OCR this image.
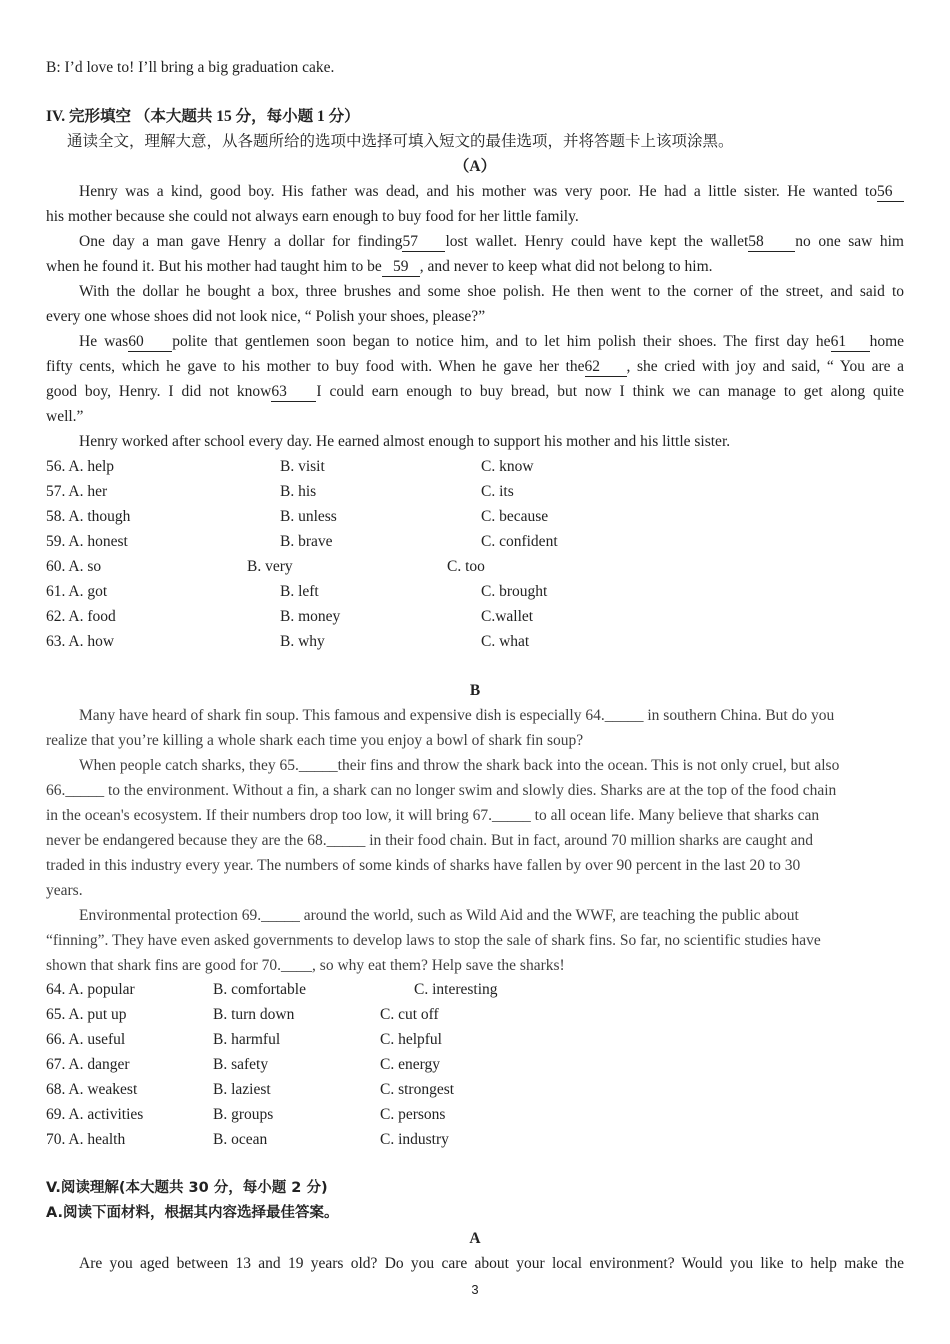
B: I’d love to! I’ll bring a big graduation cake.
IV. 完形填空 （本大题共 15 分，每小题 1 分）
通读全文，理解大意，从各题所给的选项中选择可填入短文的最佳选项，并将答题卡上该项涂黑。
（A）
Henry was a kind, good boy. His father was dead, and his mother was very poor. He had a little sister. He wanted to56
his mother because she could not always earn enough to buy food for her little family.
One day a man gave Henry a dollar for finding57 lost wallet. Henry could have kept the wallet58 no one saw him
when he found it. But his mother had taught him to be 59 , and never to keep what did not belong to him.
With the dollar he bought a box, three brushes and some shoe polish. He then went to the corner of the street, and said to
every one whose shoes did not look nice, “ Polish your shoes, please?”
He was60 polite that gentlemen soon began to notice him, and to let him polish their shoes. The first day he61 home
fifty cents, which he gave to his mother to buy food with. When he gave her the62 , she cried with joy and said, “ You are a
good boy, Henry. I did not know63 I could earn enough to buy bread, but now I think we can manage to get along quite
well.”
Henry worked after school every day. He earned almost enough to support his mother and his little sister.
56. A. help	B. visit	C. know
57. A. her	B. his	C. its
58. A. though	B. unless	C. because
59. A. honest	B. brave	C. confident
60. A. so	B. very	C. too
61. A. got	B. left	C. brought
62. A. food	B. money	C.wallet
63. A. how	B. why	C. what
B
Many have heard of shark fin soup. This famous and expensive dish is especially 64._____ in southern China. But do you
realize that you’re killing a whole shark each time you enjoy a bowl of shark fin soup?
When people catch sharks, they 65._____their fins and throw the shark back into the ocean. This is not only cruel, but also
66._____ to the environment. Without a fin, a shark can no longer swim and slowly dies. Sharks are at the top of the food chain
in the ocean's ecosystem. If their numbers drop too low, it will bring 67._____ to all ocean life. Many believe that sharks can
never be endangered because they are the 68._____ in their food chain. But in fact, around 70 million sharks are caught and
traded in this industry every year. The numbers of some kinds of sharks have fallen by over 90 percent in the last 20 to 30
years.
Environmental protection 69._____ around the world, such as Wild Aid and the WWF, are teaching the public about
“finning”. They have even asked governments to develop laws to stop the sale of shark fins. So far, no scientific studies have
shown that shark fins are good for 70.____, so why eat them? Help save the sharks!
64. A. popular	B. comfortable	C. interesting
65. A. put up	B. turn down	C. cut off
66. A. useful	B. harmful	C. helpful
67. A. danger	B. safety	C. energy
68. A. weakest	B. laziest	C. strongest
69. A. activities	B. groups	C. persons
70. A. health	B. ocean	C. industry
V.阅读理解(本大题共 30 分，每小题 2 分)
A.阅读下面材料，根据其内容选择最佳答案。
A
Are you aged between 13 and 19 years old? Do you care about your local environment? Would you like to help make the
3
